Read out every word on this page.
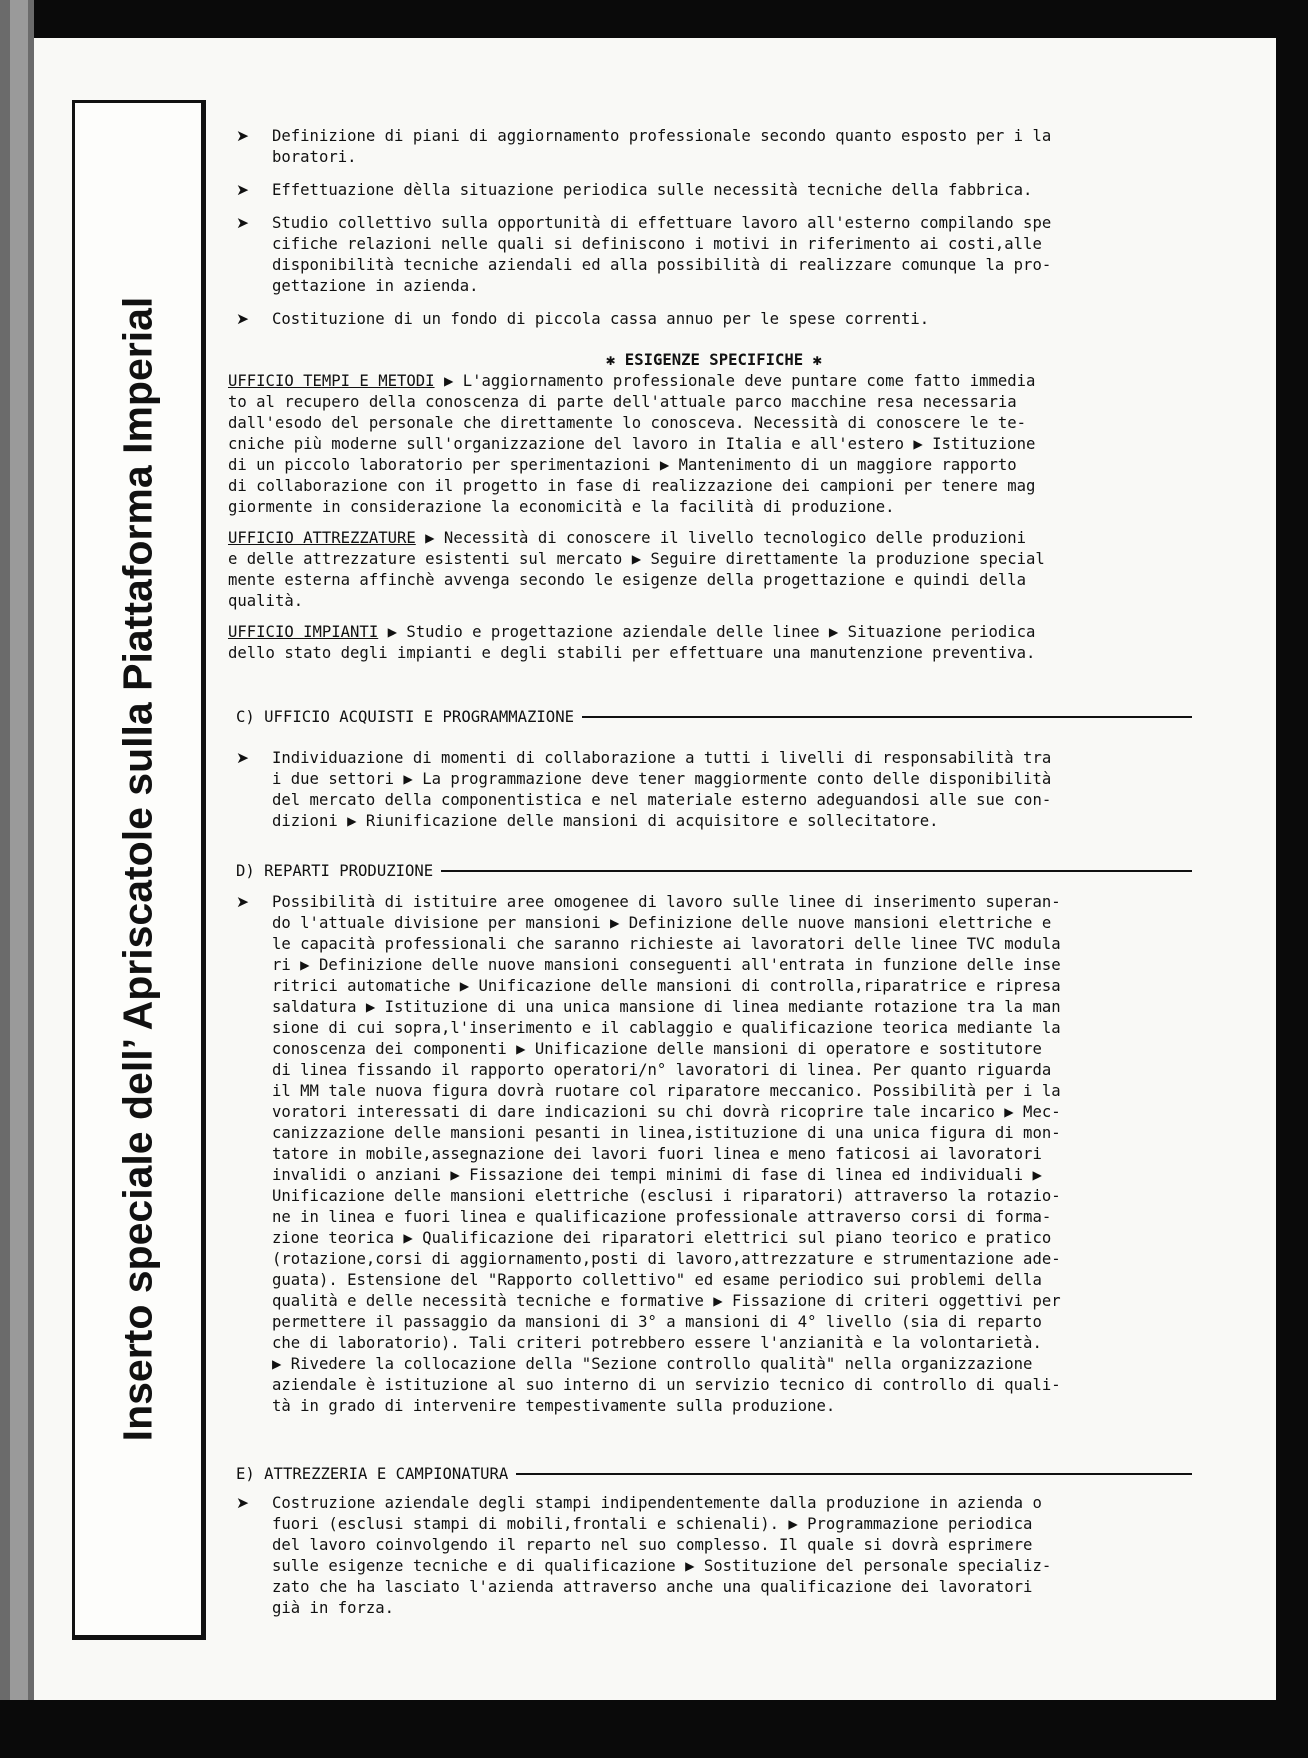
Inserto speciale dell’ Apriscatole sulla Piattaforma Imperial

➤ Definizione di piani di aggiornamento professionale secondo quanto esposto per i la

boratori.

➤ Effettuazione dèlla situazione periodica sulle necessità tecniche della fabbrica.

➤ Studio collettivo sulla opportunità di effettuare lavoro all'esterno compilando spe

cifiche relazioni nelle quali si definiscono i motivi in riferimento ai costi,alle

disponibilità tecniche aziendali ed alla possibilità di realizzare comunque la pro-

gettazione in azienda.

➤ Costituzione di un fondo di piccola cassa annuo per le spese correnti.

✱ ESIGENZE SPECIFICHE ✱

UFFICIO TEMPI E METODI ▶ L'aggiornamento professionale deve puntare come fatto immedia

to al recupero della conoscenza di parte dell'attuale parco macchine resa necessaria

dall'esodo del personale che direttamente lo conosceva. Necessità di conoscere le te-

cniche più moderne sull'organizzazione del lavoro in Italia e all'estero ▶ Istituzione

di un piccolo laboratorio per sperimentazioni ▶ Mantenimento di un maggiore rapporto

di collaborazione con il progetto in fase di realizzazione dei campioni per tenere mag

giormente in considerazione la economicità e la facilità di produzione.

UFFICIO ATTREZZATURE ▶ Necessità di conoscere il livello tecnologico delle produzioni

e delle attrezzature esistenti sul mercato ▶ Seguire direttamente la produzione special

mente esterna affinchè avvenga secondo le esigenze della progettazione e quindi della

qualità.

UFFICIO IMPIANTI ▶ Studio e progettazione aziendale delle linee ▶ Situazione periodica

dello stato degli impianti e degli stabili per effettuare una manutenzione preventiva.

C) UFFICIO ACQUISTI E PROGRAMMAZIONE

➤ Individuazione di momenti di collaborazione a tutti i livelli di responsabilità tra

i due settori ▶ La programmazione deve tener maggiormente conto delle disponibilità

del mercato della componentistica e nel materiale esterno adeguandosi alle sue con-

dizioni ▶ Riunificazione delle mansioni di acquisitore e sollecitatore.

D) REPARTI PRODUZIONE

➤ Possibilità di istituire aree omogenee di lavoro sulle linee di inserimento superan-

do l'attuale divisione per mansioni ▶ Definizione delle nuove mansioni elettriche e

le capacità professionali che saranno richieste ai lavoratori delle linee TVC modula

ri ▶ Definizione delle nuove mansioni conseguenti all'entrata in funzione delle inse

ritrici automatiche ▶ Unificazione delle mansioni di controlla,riparatrice e ripresa

saldatura ▶ Istituzione di una unica mansione di linea mediante rotazione tra la man

sione di cui sopra,l'inserimento e il cablaggio e qualificazione teorica mediante la

conoscenza dei componenti ▶ Unificazione delle mansioni di operatore e sostitutore

di linea fissando il rapporto operatori/n° lavoratori di linea. Per quanto riguarda

il MM tale nuova figura dovrà ruotare col riparatore meccanico. Possibilità per i la

voratori interessati di dare indicazioni su chi dovrà ricoprire tale incarico ▶ Mec-

canizzazione delle mansioni pesanti in linea,istituzione di una unica figura di mon-

tatore in mobile,assegnazione dei lavori fuori linea e meno faticosi ai lavoratori

invalidi o anziani ▶ Fissazione dei tempi minimi di fase di linea ed individuali ▶

Unificazione delle mansioni elettriche (esclusi i riparatori) attraverso la rotazio-

ne in linea e fuori linea e qualificazione professionale attraverso corsi di forma-

zione teorica ▶ Qualificazione dei riparatori elettrici sul piano teorico e pratico

(rotazione,corsi di aggiornamento,posti di lavoro,attrezzature e strumentazione ade-

guata). Estensione del "Rapporto collettivo" ed esame periodico sui problemi della

qualità e delle necessità tecniche e formative ▶ Fissazione di criteri oggettivi per

permettere il passaggio da mansioni di 3° a mansioni di 4° livello (sia di reparto

che di laboratorio). Tali criteri potrebbero essere l'anzianità e la volontarietà.

▶ Rivedere la collocazione della "Sezione controllo qualità" nella organizzazione

aziendale è istituzione al suo interno di un servizio tecnico di controllo di quali-

tà in grado di intervenire tempestivamente sulla produzione.

E) ATTREZZERIA E CAMPIONATURA

➤ Costruzione aziendale degli stampi indipendentemente dalla produzione in azienda o

fuori (esclusi stampi di mobili,frontali e schienali). ▶ Programmazione periodica

del lavoro coinvolgendo il reparto nel suo complesso. Il quale si dovrà esprimere

sulle esigenze tecniche e di qualificazione ▶ Sostituzione del personale specializ-

zato che ha lasciato l'azienda attraverso anche una qualificazione dei lavoratori

già in forza.
